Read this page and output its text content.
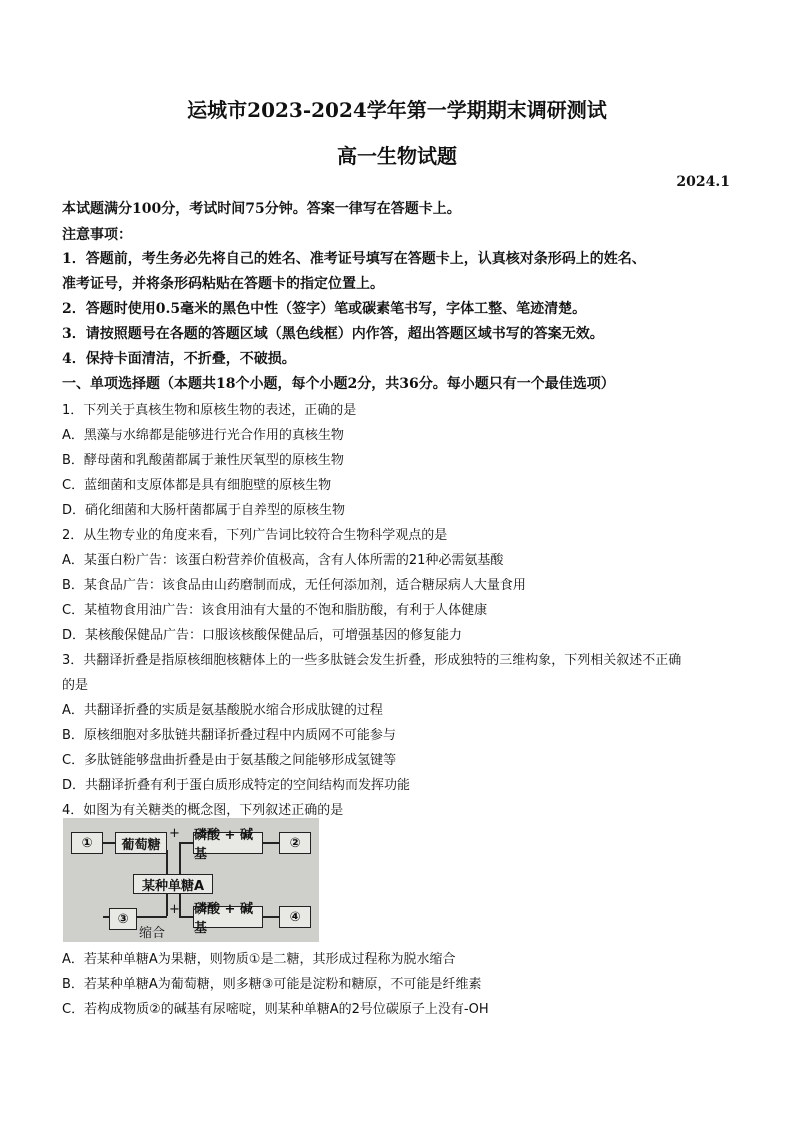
运城市2023-2024学年第一学期期末调研测试
高一生物试题
2024.1
本试题满分100分，考试时间75分钟。答案一律写在答题卡上。
注意事项：
1．答题前，考生务必先将自己的姓名、准考证号填写在答题卡上，认真核对条形码上的姓名、
准考证号，并将条形码粘贴在答题卡的指定位置上。
2．答题时使用0.5毫米的黑色中性（签字）笔或碳素笔书写，字体工整、笔迹清楚。
3．请按照题号在各题的答题区域（黑色线框）内作答，超出答题区域书写的答案无效。
4．保持卡面清洁，不折叠，不破损。
一、单项选择题（本题共18个小题，每个小题2分，共36分。每小题只有一个最佳选项）
1．下列关于真核生物和原核生物的表述，正确的是
A．黑藻与水绵都是能够进行光合作用的真核生物
B．酵母菌和乳酸菌都属于兼性厌氧型的原核生物
C．蓝细菌和支原体都是具有细胞壁的原核生物
D．硝化细菌和大肠杆菌都属于自养型的原核生物
2．从生物专业的角度来看，下列广告词比较符合生物科学观点的是
A．某蛋白粉广告：该蛋白粉营养价值极高，含有人体所需的21种必需氨基酸
B．某食品广告：该食品由山药磨制而成，无任何添加剂，适合糖尿病人大量食用
C．某植物食用油广告：该食用油有大量的不饱和脂肪酸，有利于人体健康
D．某核酸保健品广告：口服该核酸保健品后，可增强基因的修复能力
3．共翻译折叠是指原核细胞核糖体上的一些多肽链会发生折叠，形成独特的三维构象，下列相关叙述不正确
的是
A．共翻译折叠的实质是氨基酸脱水缩合形成肽键的过程
B．原核细胞对多肽链共翻译折叠过程中内质网不可能参与
C．多肽链能够盘曲折叠是由于氨基酸之间能够形成氢键等
D．共翻译折叠有利于蛋白质形成特定的空间结构而发挥功能
4．如图为有关糖类的概念图，下列叙述正确的是
① 葡萄糖
+ 磷酸 + 碱基
②
某种单糖A
③
缩合
+ 磷酸 + 碱基
④
A．若某种单糖A为果糖，则物质①是二糖，其形成过程称为脱水缩合
B．若某种单糖A为葡萄糖，则多糖③可能是淀粉和糖原，不可能是纤维素
C．若构成物质②的碱基有尿嘧啶，则某种单糖A的2号位碳原子上没有-OH
